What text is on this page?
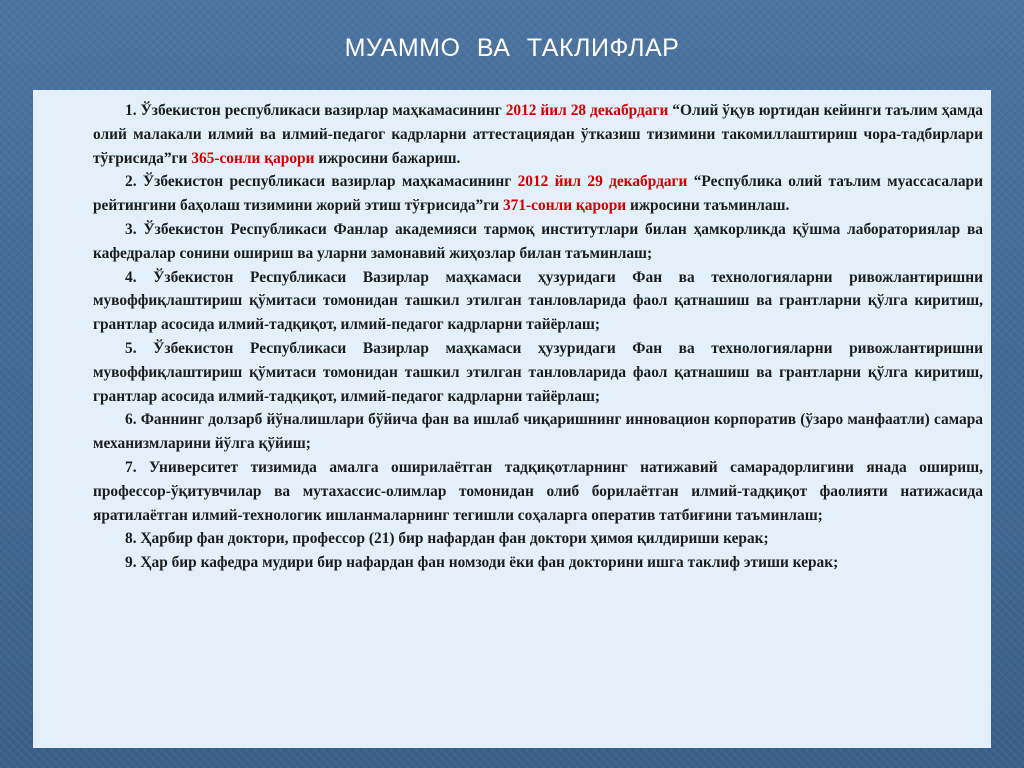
МУАММО ВА ТАКЛИФЛАР

1. Ўзбекистон республикаси вазирлар маҳкамасининг 2012 йил 28 декабрдаги “Олий ўқув юртидан кейинги таълим ҳамда олий малакали илмий ва илмий-педагог кадрларни аттестациядан ўтказиш тизимини такомиллаштириш чора-тадбирлари тўғрисида”ги 365-сонли қарори ижросини бажариш.

2. Ўзбекистон республикаси вазирлар маҳкамасининг 2012 йил 29 декабрдаги “Республика олий таълим муассасалари рейтингини баҳолаш тизимини жорий этиш тўғрисида”ги 371-сонли қарори ижросини таъминлаш.

3. Ўзбекистон Республикаси Фанлар академияси тармоқ институтлари билан ҳамкорликда қўшма лабораториялар ва кафедралар сонини ошириш ва уларни замонавий жиҳозлар билан таъминлаш;

4. Ўзбекистон Республикаси Вазирлар маҳкамаси ҳузуридаги Фан ва технологияларни ривожлантиришни мувоффиқлаштириш қўмитаси томонидан ташкил этилган танловларида фаол қатнашиш ва грантларни қўлга киритиш, грантлар асосида илмий-тадқиқот, илмий-педагог кадрларни тайёрлаш;

5. Ўзбекистон Республикаси Вазирлар маҳкамаси ҳузуридаги Фан ва технологияларни ривожлантиришни мувоффиқлаштириш қўмитаси томонидан ташкил этилган танловларида фаол қатнашиш ва грантларни қўлга киритиш, грантлар асосида илмий-тадқиқот, илмий-педагог кадрларни тайёрлаш;

6. Фаннинг долзарб йўналишлари бўйича фан ва ишлаб чиқаришнинг инновацион корпоратив (ўзаро манфаатли) самара механизмларини йўлга қўйиш;

7. Университет тизимида амалга оширилаётган тадқиқотларнинг натижавий самарадорлигини янада ошириш, профессор-ўқитувчилар ва мутахассис-олимлар томонидан олиб борилаётган илмий-тадқиқот фаолияти натижасида яратилаётган илмий-технологик ишланмаларнинг тегишли соҳаларга оператив татбиғини таъминлаш;

8. Ҳарбир фан доктори, профессор (21) бир нафардан фан доктори ҳимоя қилдириши керак;

9. Ҳар бир кафедра мудири бир нафардан фан номзоди ёки фан докторини ишга таклиф этиши керак;
